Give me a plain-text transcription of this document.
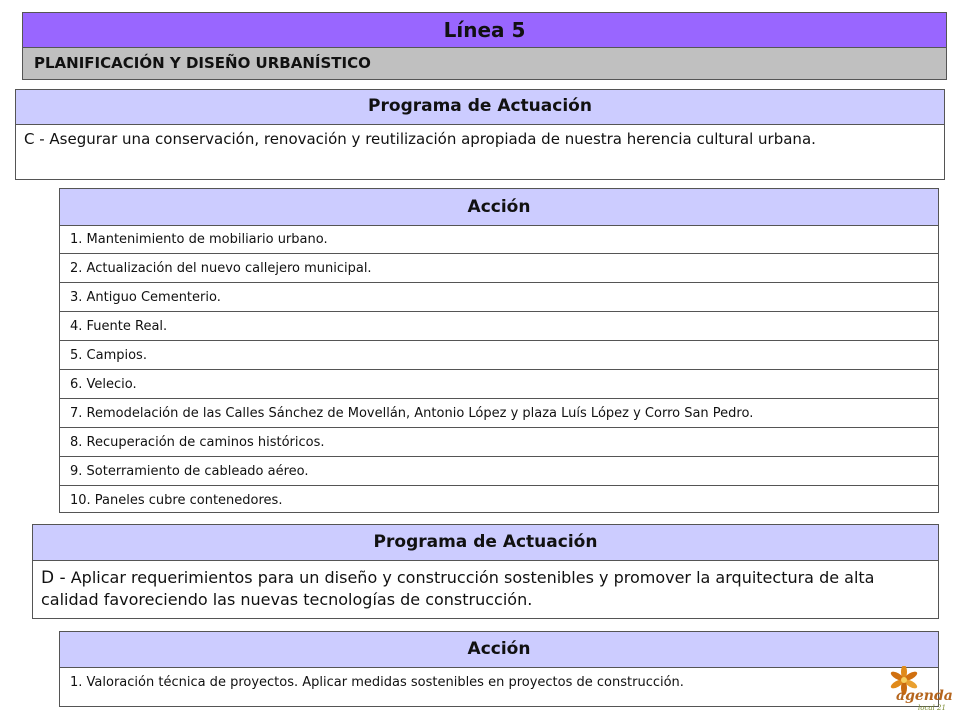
Línea 5
PLANIFICACIÓN Y DISEÑO URBANÍSTICO
Programa de Actuación
C - Asegurar una conservación, renovación y reutilización apropiada de nuestra herencia cultural urbana.
Acción
1. Mantenimiento de mobiliario urbano.
2. Actualización del nuevo callejero municipal.
3. Antiguo Cementerio.
4. Fuente Real.
5. Campios.
6. Velecio.
7. Remodelación de las Calles Sánchez de Movellán, Antonio López y plaza Luís López y Corro San Pedro.
8. Recuperación de caminos históricos.
9. Soterramiento de cableado aéreo.
10. Paneles cubre contenedores.
Programa de Actuación
D - Aplicar requerimientos para un diseño y construcción sostenibles y promover la arquitectura de alta calidad favoreciendo las nuevas tecnologías de construcción.
Acción
1. Valoración técnica de proyectos. Aplicar medidas sostenibles en proyectos de construcción.
agenda
local 21
